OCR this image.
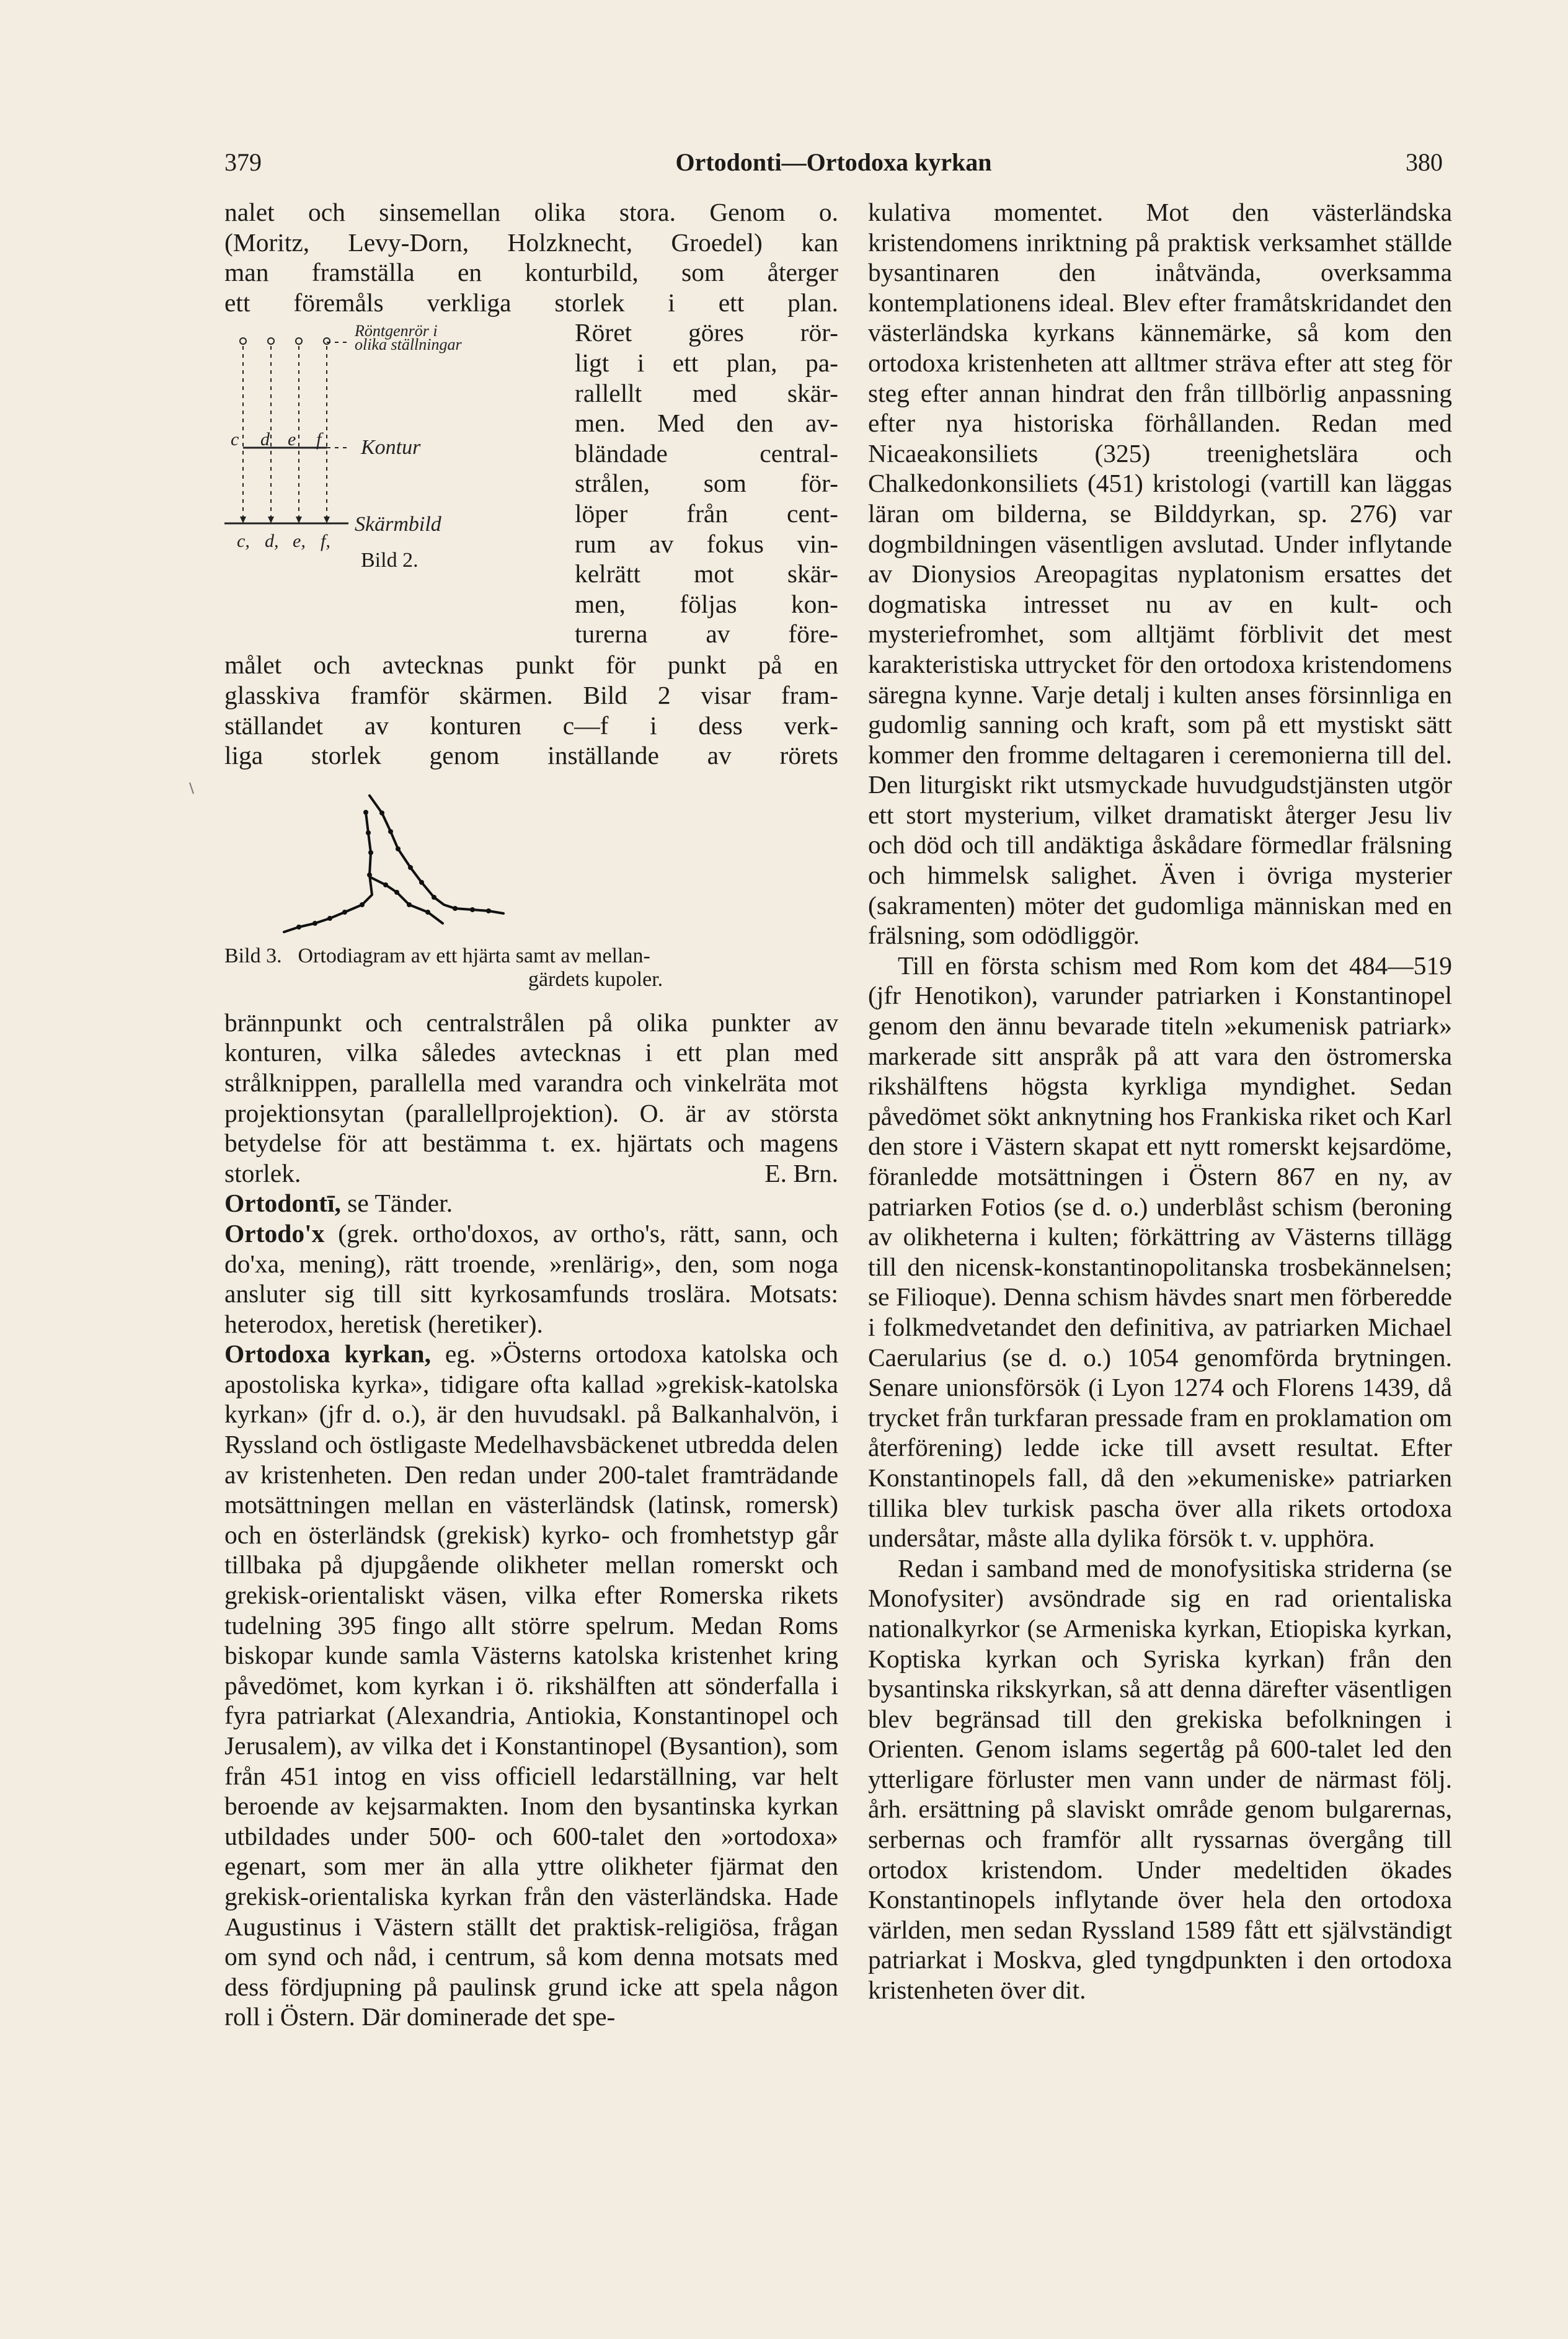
379	Ortodonti—Ortodoxa kyrkan	380
nalet och sinsemellan olika stora. Genom o.
(Moritz, Levy-Dorn, Holzknecht, Groedel) kan
man framställa en konturbild, som återger
ett föremåls verkliga storlek i ett plan.
Röntgenrör i
olika ställningar
Kontur
Skärmbild
c d e f
c, d, e, f,
Bild 2.
Röret göres rör-
ligt i ett plan, pa-
rallellt med skär-
men. Med den av-
bländade central-
strålen, som för-
löper från cent-
rum av fokus vin-
kelrätt mot skär-
men, följas kon-
turerna av före-
målet och avtecknas punkt för punkt på en
glasskiva framför skärmen. Bild 2 visar fram-
ställandet av konturen c—f i dess verk-
liga storlek genom inställande av rörets
Bild 3. Ortodiagram av ett hjärta samt av mellan-
gärdets kupoler.

brännpunkt och centralstrålen på olika punkter av konturen, vilka således avtecknas i ett plan med strålknippen, parallella med varandra och vinkelräta mot projektionsytan (parallellprojektion). O. är av största betydelse för att bestämma t. ex. hjärtats och magens storlek.	E. Brn.

Ortodontī, se Tänder.

Ortodo'x (grek. ortho'doxos, av ortho's, rätt, sann, och do'xa, mening), rätt troende, »renlärig», den, som noga ansluter sig till sitt kyrkosamfunds troslära. Motsats: heterodox, heretisk (heretiker).

Ortodoxa kyrkan, eg. »Österns ortodoxa katolska och apostoliska kyrka», tidigare ofta kallad »grekisk-katolska kyrkan» (jfr d. o.), är den huvudsakl. på Balkanhalvön, i Ryssland och östligaste Medelhavsbäckenet utbredda delen av kristenheten. Den redan under 200-talet framträdande motsättningen mellan en västerländsk (latinsk, romersk) och en österländsk (grekisk) kyrko- och fromhetstyp går tillbaka på djupgående olikheter mellan romerskt och grekisk-orientaliskt väsen, vilka efter Romerska rikets tudelning 395 fingo allt större spelrum. Medan Roms biskopar kunde samla Västerns katolska kristenhet kring påvedömet, kom kyrkan i ö. rikshälften att sönderfalla i fyra patriarkat (Alexandria, Antiokia, Konstantinopel och Jerusalem), av vilka det i Konstantinopel (Bysantion), som från 451 intog en viss officiell ledarställning, var helt beroende av kejsarmakten. Inom den bysantinska kyrkan utbildades under 500- och 600-talet den »ortodoxa» egenart, som mer än alla yttre olikheter fjärmat den grekisk-orientaliska kyrkan från den västerländska. Hade Augustinus i Västern ställt det praktisk-religiösa, frågan om synd och nåd, i centrum, så kom denna motsats med dess fördjupning på paulinsk grund icke att spela någon roll i Östern. Där dominerade det spe-

kulativa momentet. Mot den västerländska kristendomens inriktning på praktisk verksamhet ställde bysantinaren den inåtvända, overksamma kontemplationens ideal. Blev efter framåtskridandet den västerländska kyrkans kännemärke, så kom den ortodoxa kristenheten att alltmer sträva efter att steg för steg efter annan hindrat den från tillbörlig anpassning efter nya historiska förhållanden. Redan med Nicaeakonsiliets (325) treenighetslära och Chalkedonkonsiliets (451) kristologi (vartill kan läggas läran om bilderna, se Bilddyrkan, sp. 276) var dogmbildningen väsentligen avslutad. Under inflytande av Dionysios Areopagitas nyplatonism ersattes det dogmatiska intresset nu av en kult- och mysteriefromhet, som alltjämt förblivit det mest karakteristiska uttrycket för den ortodoxa kristendomens säregna kynne. Varje detalj i kulten anses försinnliga en gudomlig sanning och kraft, som på ett mystiskt sätt kommer den fromme deltagaren i ceremonierna till del. Den liturgiskt rikt utsmyckade huvudgudstjänsten utgör ett stort mysterium, vilket dramatiskt återger Jesu liv och död och till andäktiga åskådare förmedlar frälsning och himmelsk salighet. Även i övriga mysterier (sakramenten) möter det gudomliga människan med en frälsning, som odödliggör.

Till en första schism med Rom kom det 484—519 (jfr Henotikon), varunder patriarken i Konstantinopel genom den ännu bevarade titeln »ekumenisk patriark» markerade sitt anspråk på att vara den östromerska rikshälftens högsta kyrkliga myndighet. Sedan påvedömet sökt anknytning hos Frankiska riket och Karl den store i Västern skapat ett nytt romerskt kejsardöme, föranledde motsättningen i Östern 867 en ny, av patriarken Fotios (se d. o.) underblåst schism (beroning av olikheterna i kulten; förkättring av Västerns tillägg till den nicensk-konstantinopolitanska trosbekännelsen; se Filioque). Denna schism hävdes snart men förberedde i folkmedvetandet den definitiva, av patriarken Michael Caerularius (se d. o.) 1054 genomförda brytningen. Senare unionsförsök (i Lyon 1274 och Florens 1439, då trycket från turkfaran pressade fram en proklamation om återförening) ledde icke till avsett resultat. Efter Konstantinopels fall, då den »ekumeniske» patriarken tillika blev turkisk pascha över alla rikets ortodoxa undersåtar, måste alla dylika försök t. v. upphöra.

Redan i samband med de monofysitiska striderna (se Monofysiter) avsöndrade sig en rad orientaliska nationalkyrkor (se Armeniska kyrkan, Etiopiska kyrkan, Koptiska kyrkan och Syriska kyrkan) från den bysantinska rikskyrkan, så att denna därefter väsentligen blev begränsad till den grekiska befolkningen i Orienten. Genom islams segertåg på 600-talet led den ytterligare förluster men vann under de närmast följ. årh. ersättning på slaviskt område genom bulgarernas, serbernas och framför allt ryssarnas övergång till ortodox kristendom. Under medeltiden ökades Konstantinopels inflytande över hela den ortodoxa världen, men sedan Ryssland 1589 fått ett självständigt patriarkat i Moskva, gled tyngdpunkten i den ortodoxa kristenheten över dit.
